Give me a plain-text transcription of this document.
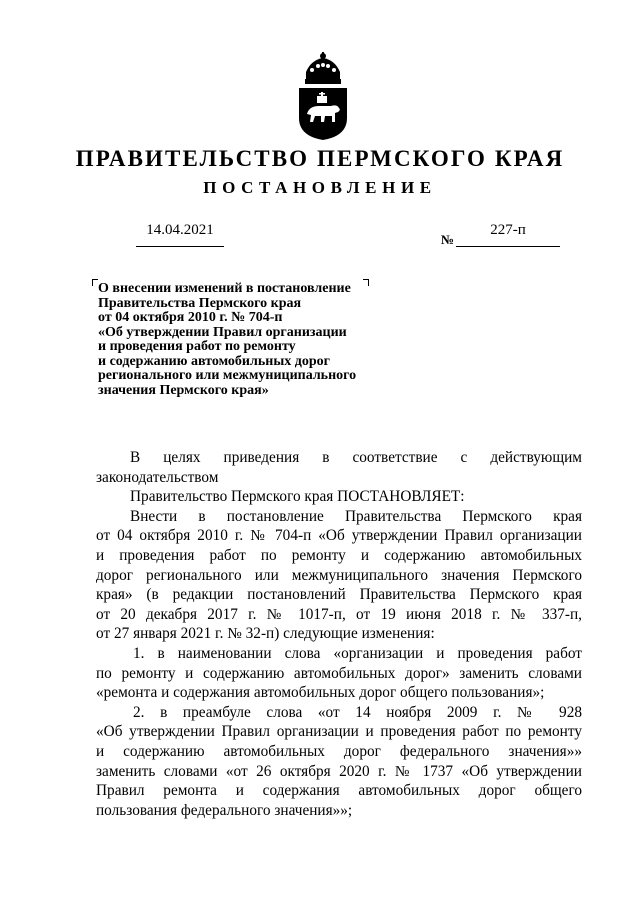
ПРАВИТЕЛЬСТВО ПЕРМСКОГО КРАЯ
ПОСТАНОВЛЕНИЕ
14.04.2021
№
227-п
О внесении изменений в постановление
Правительства Пермского края
от 04 октября 2010 г. № 704-п
«Об утверждении Правил организации
и проведения работ по ремонту
и содержанию автомобильных дорог
регионального или межмуниципального
значения Пермского края»

В целях приведения в соответствие с действующим законодательством

Правительство Пермского края ПОСТАНОВЛЯЕТ:

Внести в постановление Правительства Пермского края

от 04 октября 2010 г. № 704-п «Об утверждении Правил организации

и проведения работ по ремонту и содержанию автомобильных

дорог регионального или межмуниципального значения Пермского

края» (в редакции постановлений Правительства Пермского края

от 20 декабря 2017 г. № 1017-п, от 19 июня 2018 г. № 337-п,

от 27 января 2021 г. № 32-п) следующие изменения:

1. в наименовании слова «организации и проведения работ

по ремонту и содержанию автомобильных дорог» заменить словами

«ремонта и содержания автомобильных дорог общего пользования»;

2. в преамбуле слова «от 14 ноября 2009 г. № 928

«Об утверждении Правил организации и проведения работ по ремонту

и содержанию автомобильных дорог федерального значения»»

заменить словами «от 26 октября 2020 г. № 1737 «Об утверждении

Правил ремонта и содержания автомобильных дорог общего

пользования федерального значения»»;
